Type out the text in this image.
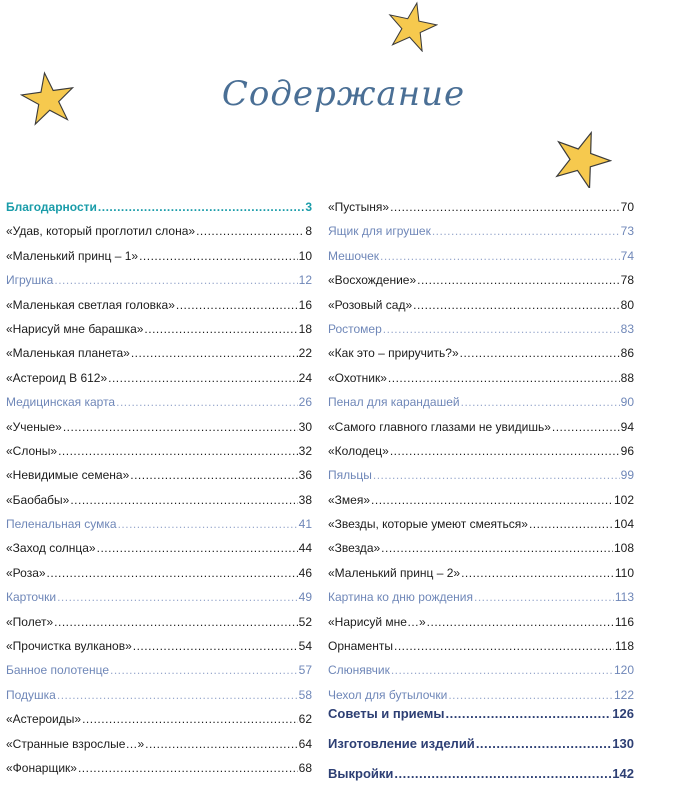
Содержание
Благодарности .....	3
«Удав, который проглотил слона» .....	8
«Маленький принц – 1» .....	10
Игрушка .....	12
«Маленькая светлая головка» .....	16
«Нарисуй мне барашка» .....	18
«Маленькая планета» .....	22
«Астероид B 612» .....	24
Медицинская карта .....	26
«Ученые» .....	30
«Слоны» .....	32
«Невидимые семена» .....	36
«Баобабы» .....	38
Пеленальная сумка .....	41
«Заход солнца» .....	44
«Роза» .....	46
Карточки .....	49
«Полет» .....	52
«Прочистка вулканов» .....	54
Банное полотенце .....	57
Подушка .....	58
«Астероиды» .....	62
«Странные взрослые…» .....	64
«Фонарщик» .....	68
«Пустыня» .....	70
Ящик для игрушек .....	73
Мешочек .....	74
«Восхождение» .....	78
«Розовый сад» .....	80
Ростомер .....	83
«Как это – приручить?» .....	86
«Охотник» .....	88
Пенал для карандашей .....	90
«Самого главного глазами не увидишь» .....	94
«Колодец» .....	96
Пяльцы .....	99
«Змея» .....	102
«Звезды, которые умеют смеяться» .....	104
«Звезда» .....	108
«Маленький принц – 2» .....	110
Картина ко дню рождения .....	113
«Нарисуй мне…» .....	116
Орнаменты .....	118
Слюнявчик .....	120
Чехол для бутылочки .....	122
Советы и приемы .....	126
Изготовление изделий .....	130
Выкройки .....	142
